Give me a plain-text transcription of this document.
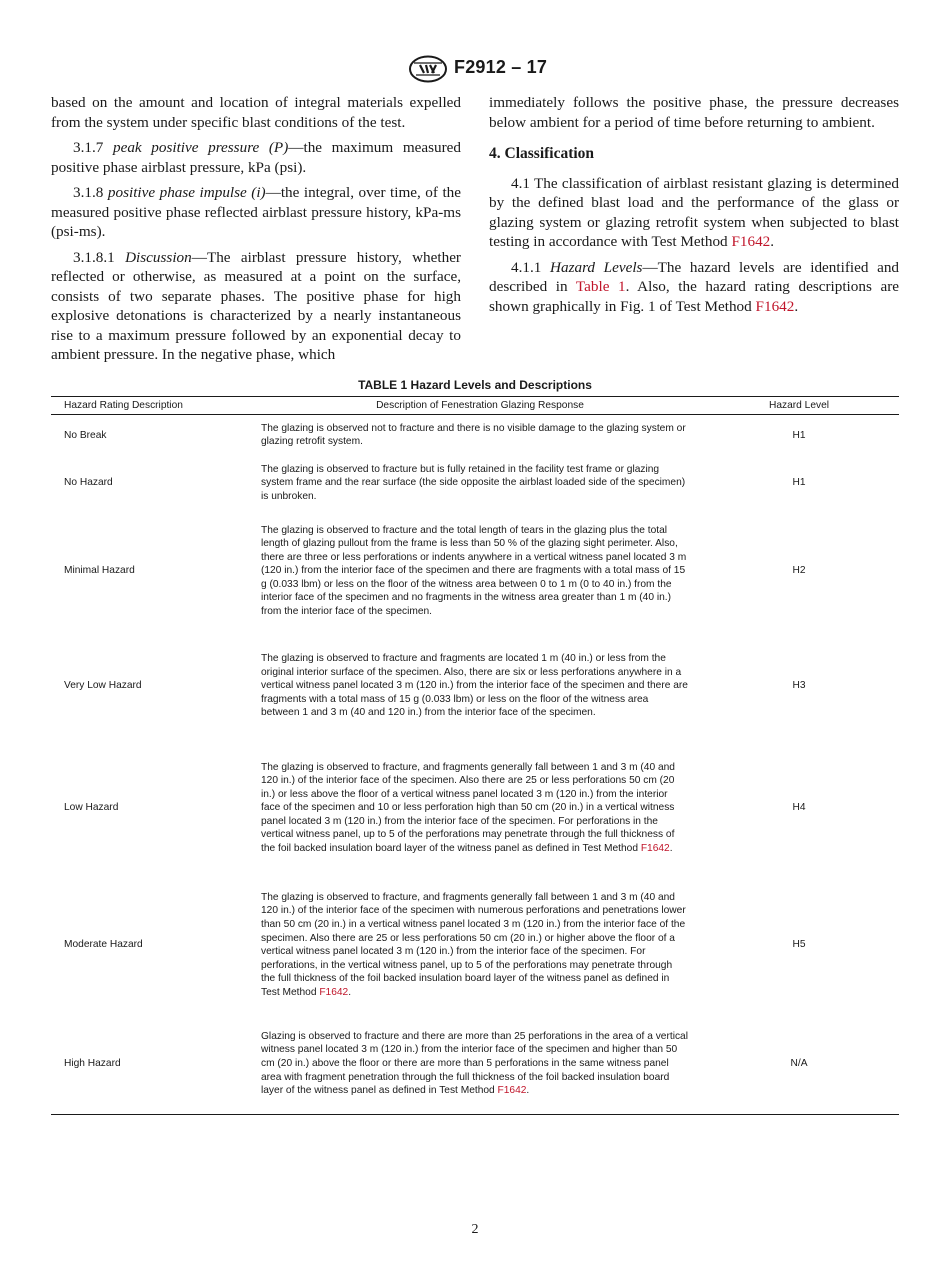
F2912 – 17

based on the amount and location of integral materials expelled from the system under specific blast conditions of the test.

3.1.7 peak positive pressure (P)—the maximum measured positive phase airblast pressure, kPa (psi).

3.1.8 positive phase impulse (i)—the integral, over time, of the measured positive phase reflected airblast pressure history, kPa-ms (psi-ms).

3.1.8.1 Discussion—The airblast pressure history, whether reflected or otherwise, as measured at a point on the surface, consists of two separate phases. The positive phase for high explosive detonations is characterized by a nearly instantaneous rise to a maximum pressure followed by an exponential decay to ambient pressure. In the negative phase, which

immediately follows the positive phase, the pressure decreases below ambient for a period of time before returning to ambient.

4. Classification

4.1 The classification of airblast resistant glazing is determined by the defined blast load and the performance of the glass or glazing system or glazing retrofit system when subjected to blast testing in accordance with Test Method F1642.

4.1.1 Hazard Levels—The hazard levels are identified and described in Table 1. Also, the hazard rating descriptions are shown graphically in Fig. 1 of Test Method F1642.

TABLE 1 Hazard Levels and Descriptions
Hazard Rating Description	Description of Fenestration Glazing Response	Hazard Level
No Break	The glazing is observed not to fracture and there is no visible damage to the glazing system or glazing retrofit system.	H1
No Hazard	The glazing is observed to fracture but is fully retained in the facility test frame or glazing system frame and the rear surface (the side opposite the airblast loaded side of the specimen) is unbroken.	H1
Minimal Hazard	The glazing is observed to fracture and the total length of tears in the glazing plus the total length of glazing pullout from the frame is less than 50 % of the glazing sight perimeter. Also, there are three or less perforations or indents anywhere in a vertical witness panel located 3 m (120 in.) from the interior face of the specimen and there are fragments with a total mass of 15 g (0.033 lbm) or less on the floor of the witness area between 0 to 1 m (0 to 40 in.) from the interior face of the specimen and no fragments in the witness area greater than 1 m (40 in.) from the interior face of the specimen.	H2
Very Low Hazard	The glazing is observed to fracture and fragments are located 1 m (40 in.) or less from the original interior surface of the specimen. Also, there are six or less perforations anywhere in a vertical witness panel located 3 m (120 in.) from the interior face of the specimen and there are fragments with a total mass of 15 g (0.033 lbm) or less on the floor of the witness area between 1 and 3 m (40 and 120 in.) from the interior face of the specimen.	H3
Low Hazard	The glazing is observed to fracture, and fragments generally fall between 1 and 3 m (40 and 120 in.) of the interior face of the specimen. Also there are 25 or less perforations 50 cm (20 in.) or less above the floor of a vertical witness panel located 3 m (120 in.) from the interior face of the specimen and 10 or less perforation high than 50 cm (20 in.) in a vertical witness panel located 3 m (120 in.) from the interior face of the specimen. For perforations in the vertical witness panel, up to 5 of the perforations may penetrate through the full thickness of the foil backed insulation board layer of the witness panel as defined in Test Method F1642.	H4
Moderate Hazard	The glazing is observed to fracture, and fragments generally fall between 1 and 3 m (40 and 120 in.) of the interior face of the specimen with numerous perforations and penetrations lower than 50 cm (20 in.) in a vertical witness panel located 3 m (120 in.) from the interior face of the specimen. Also there are 25 or less perforations 50 cm (20 in.) or higher above the floor of a vertical witness panel located 3 m (120 in.) from the interior face of the specimen. For perforations, in the vertical witness panel, up to 5 of the perforations may penetrate through the full thickness of the foil backed insulation board layer of the witness panel as defined in Test Method F1642.	H5
High Hazard	Glazing is observed to fracture and there are more than 25 perforations in the area of a vertical witness panel located 3 m (120 in.) from the interior face of the specimen and higher than 50 cm (20 in.) above the floor or there are more than 5 perforations in the same witness panel area with fragment penetration through the full thickness of the foil backed insulation board layer of the witness panel as defined in Test Method F1642.	N/A
2
